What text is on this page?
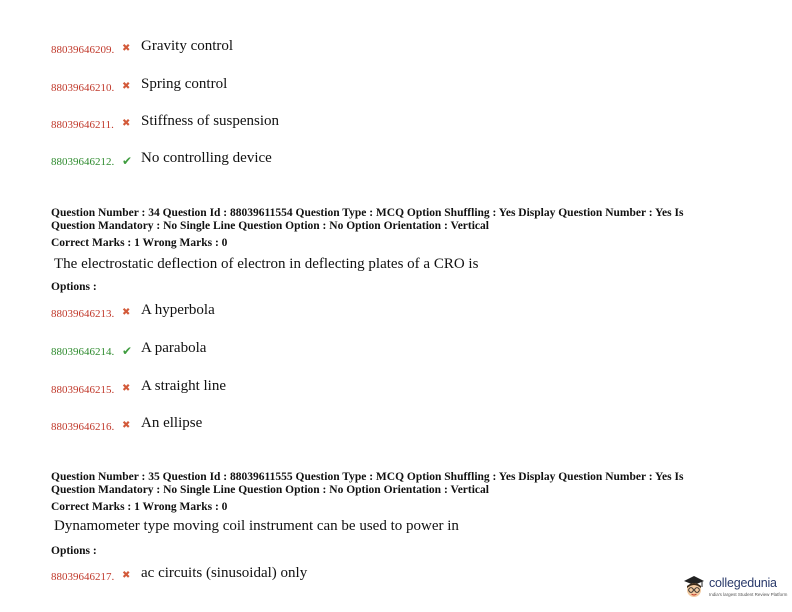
88039646209. ✖ Gravity control
88039646210. ✖ Spring control
88039646211. ✖ Stiffness of suspension
88039646212. ✔ No controlling device
Question Number : 34 Question Id : 88039611554 Question Type : MCQ Option Shuffling : Yes Display Question Number : Yes Is
Question Mandatory : No Single Line Question Option : No Option Orientation : Vertical
Correct Marks : 1 Wrong Marks : 0
The electrostatic deflection of electron in deflecting plates of a CRO is
Options :
88039646213. ✖ A hyperbola
88039646214. ✔ A parabola
88039646215. ✖ A straight line
88039646216. ✖ An ellipse
Question Number : 35 Question Id : 88039611555 Question Type : MCQ Option Shuffling : Yes Display Question Number : Yes Is
Question Mandatory : No Single Line Question Option : No Option Orientation : Vertical
Correct Marks : 1 Wrong Marks : 0
Dynamometer type moving coil instrument can be used to power in
Options :
88039646217. ✖ ac circuits (sinusoidal) only
collegedunia
India's largest Student Review Platform
